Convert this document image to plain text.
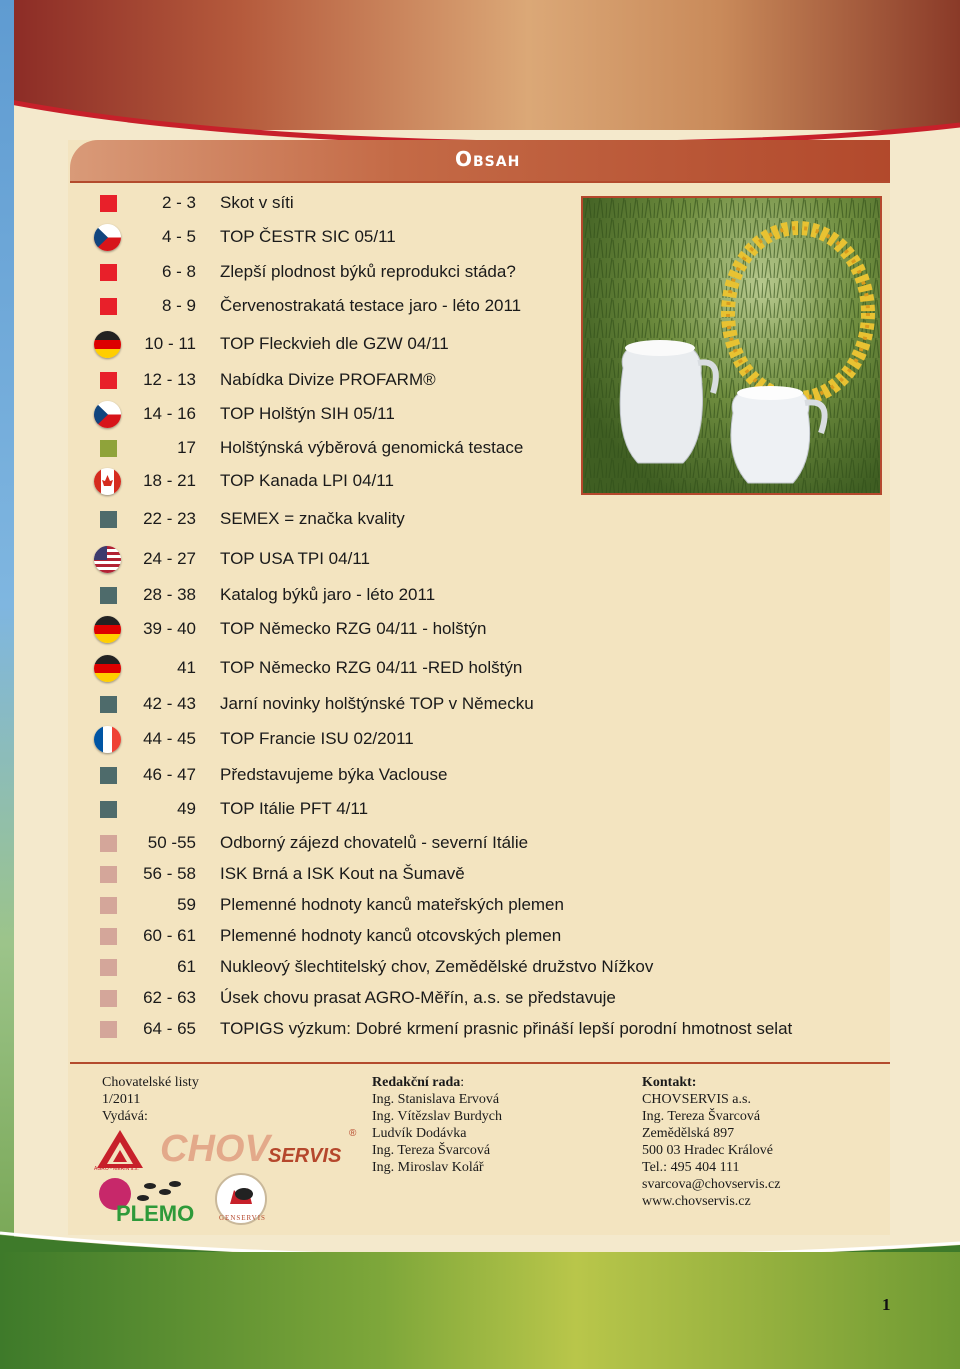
Obsah
2 - 3 Skot v síti
4 - 5 TOP ČESTR SIC 05/11
6 - 8 Zlepší plodnost býků reprodukci stáda?
8 - 9 Červenostrakatá testace jaro - léto 2011
10 - 11 TOP Fleckvieh dle GZW 04/11
12 - 13 Nabídka Divize PROFARM®
14 - 16 TOP Holštýn SIH 05/11
17 Holštýnská výběrová genomická testace
18 - 21 TOP Kanada LPI 04/11
22 - 23 SEMEX = značka kvality
24 - 27 TOP USA TPI 04/11
28 - 38 Katalog býků jaro - léto 2011
39 - 40 TOP Německo RZG 04/11 - holštýn
41 TOP Německo RZG 04/11 -RED holštýn
42 - 43 Jarní novinky holštýnské TOP v Německu
44 - 45 TOP Francie ISU 02/2011
46 - 47 Představujeme býka Vaclouse
49 TOP Itálie PFT 4/11
50 -55 Odborný zájezd chovatelů - severní Itálie
56 - 58 ISK Brná a ISK Kout na Šumavě
59 Plemenné hodnoty kanců mateřských plemen
60 - 61 Plemenné hodnoty kanců otcovských plemen
61 Nukleový šlechtitelský chov, Zemědělské družstvo Nížkov
62 - 63 Úsek chovu prasat AGRO-Měřín, a.s. se představuje
64 - 65 TOPIGS výzkum: Dobré krmení prasnic přináší lepší porodní hmotnost selat
Chovatelské listy
1/2011
Vydává:
Redakční rada:
Ing. Stanislava Ervová
Ing. Vítězslav Burdych
Ludvík Dodávka
Ing. Tereza Švarcová
Ing. Miroslav Kolář
Kontakt:
CHOVSERVIS a.s.
Ing. Tereza Švarcová
Zemědělská 897
500 03 Hradec Králové
Tel.: 495 404 111
svarcova@chovservis.cz
www.chovservis.cz
AGRO - MĚŘÍN a.s. CHOV
SERVIS
®
PLEMO	GENSERVIS
1
